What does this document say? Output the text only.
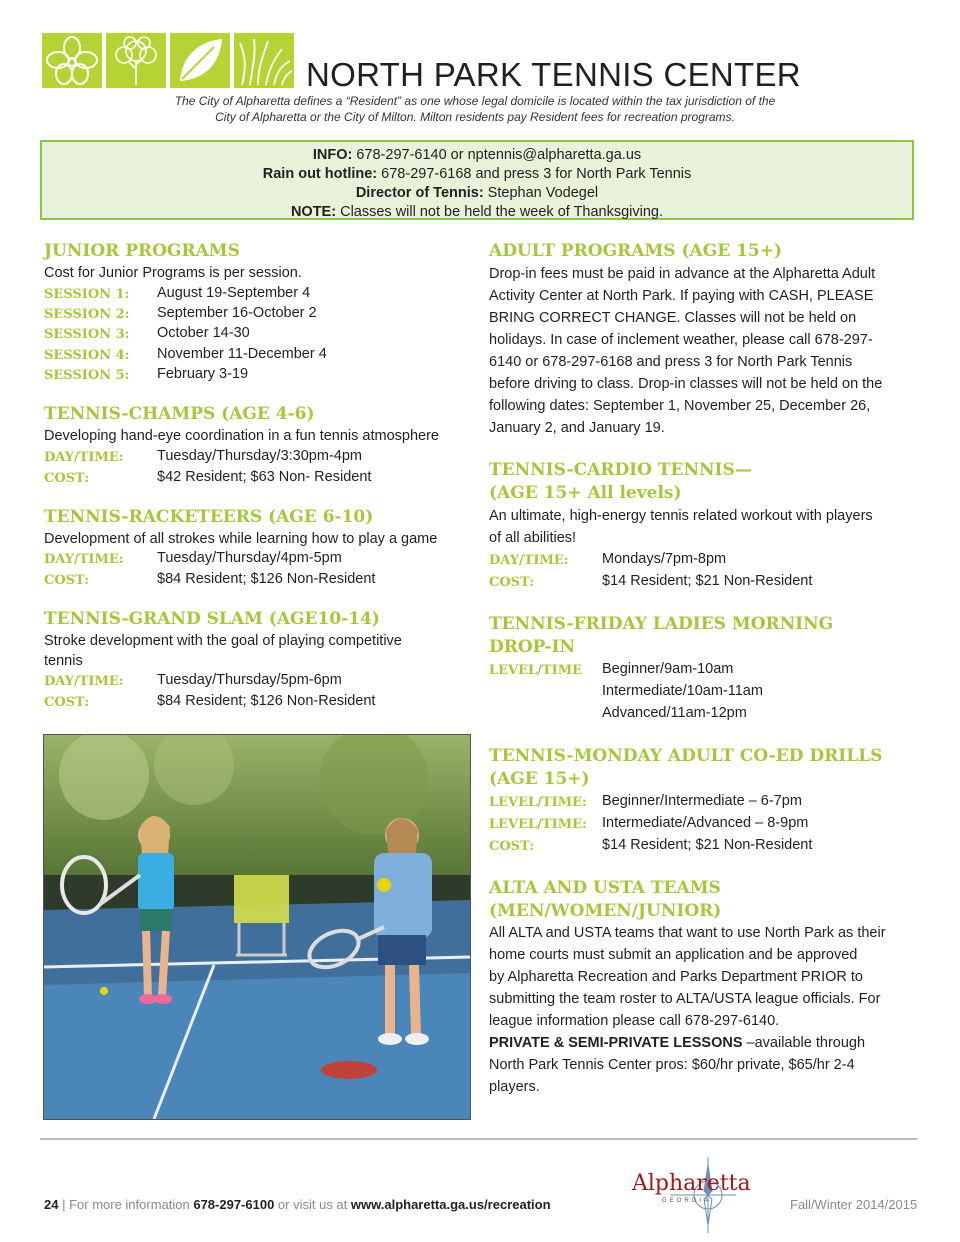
NORTH PARK TENNIS CENTER
The City of Alpharetta defines a “Resident” as one whose legal domicile is located within the tax jurisdiction of the
City of Alpharetta or the City of Milton. Milton residents pay Resident fees for recreation programs.
INFO: 678-297-6140 or nptennis@alpharetta.ga.us
Rain out hotline: 678-297-6168 and press 3 for North Park Tennis
Director of Tennis: Stephan Vodegel
NOTE: Classes will not be held the week of Thanksgiving.
JUNIOR PROGRAMS
Cost for Junior Programs is per session.
SESSION 1: August 19-September 4
SESSION 2: September 16-October 2
SESSION 3: October 14-30
SESSION 4: November 11-December 4
SESSION 5: February 3-19
TENNIS-CHAMPS (AGE 4-6)
Developing hand-eye coordination in a fun tennis atmosphere
DAY/TIME: Tuesday/Thursday/3:30pm-4pm
COST:	$42 Resident; $63 Non- Resident
TENNIS-RACKETEERS (AGE 6-10)
Development of all strokes while learning how to play a game
DAY/TIME: Tuesday/Thursday/4pm-5pm
COST:	$84 Resident; $126 Non-Resident
TENNIS-GRAND SLAM (AGE10-14)
Stroke development with the goal of playing competitive
tennis
DAY/TIME: Tuesday/Thursday/5pm-6pm
COST:	$84 Resident; $126 Non-Resident
ADULT PROGRAMS (AGE 15+)
Drop-in fees must be paid in advance at the Alpharetta Adult
Activity Center at North Park. If paying with CASH, PLEASE
BRING CORRECT CHANGE. Classes will not be held on
holidays. In case of inclement weather, please call 678-297-
6140 or 678-297-6168 and press 3 for North Park Tennis
before driving to class. Drop-in classes will not be held on the
following dates: September 1, November 25, December 26,
January 2, and January 19.
TENNIS-CARDIO TENNIS—
(AGE 15+ All levels)
An ultimate, high-energy tennis related workout with players
of all abilities!
DAY/TIME: Mondays/7pm-8pm
COST:	$14 Resident; $21 Non-Resident
TENNIS-FRIDAY LADIES MORNING
DROP-IN
LEVEL/TIME Beginner/9am-10am
Intermediate/10am-11am
Advanced/11am-12pm
TENNIS-MONDAY ADULT CO-ED DRILLS
(AGE 15+)
LEVEL/TIME: Beginner/Intermediate – 6-7pm
LEVEL/TIME: Intermediate/Advanced – 8-9pm
COST:	$14 Resident; $21 Non-Resident
ALTA AND USTA TEAMS
(MEN/WOMEN/JUNIOR)
All ALTA and USTA teams that want to use North Park as their
home courts must submit an application and be approved
by Alpharetta Recreation and Parks Department PRIOR to
submitting the team roster to ALTA/USTA league officials. For
league information please call 678-297-6140.
PRIVATE & SEMI-PRIVATE LESSONS –available through
North Park Tennis Center pros: $60/hr private, $65/hr 2-4
players.
24 | For more information 678-297-6100 or visit us at www.alpharetta.ga.us/recreation
Alpharetta
GEORGIA	Fall/Winter 2014/2015
